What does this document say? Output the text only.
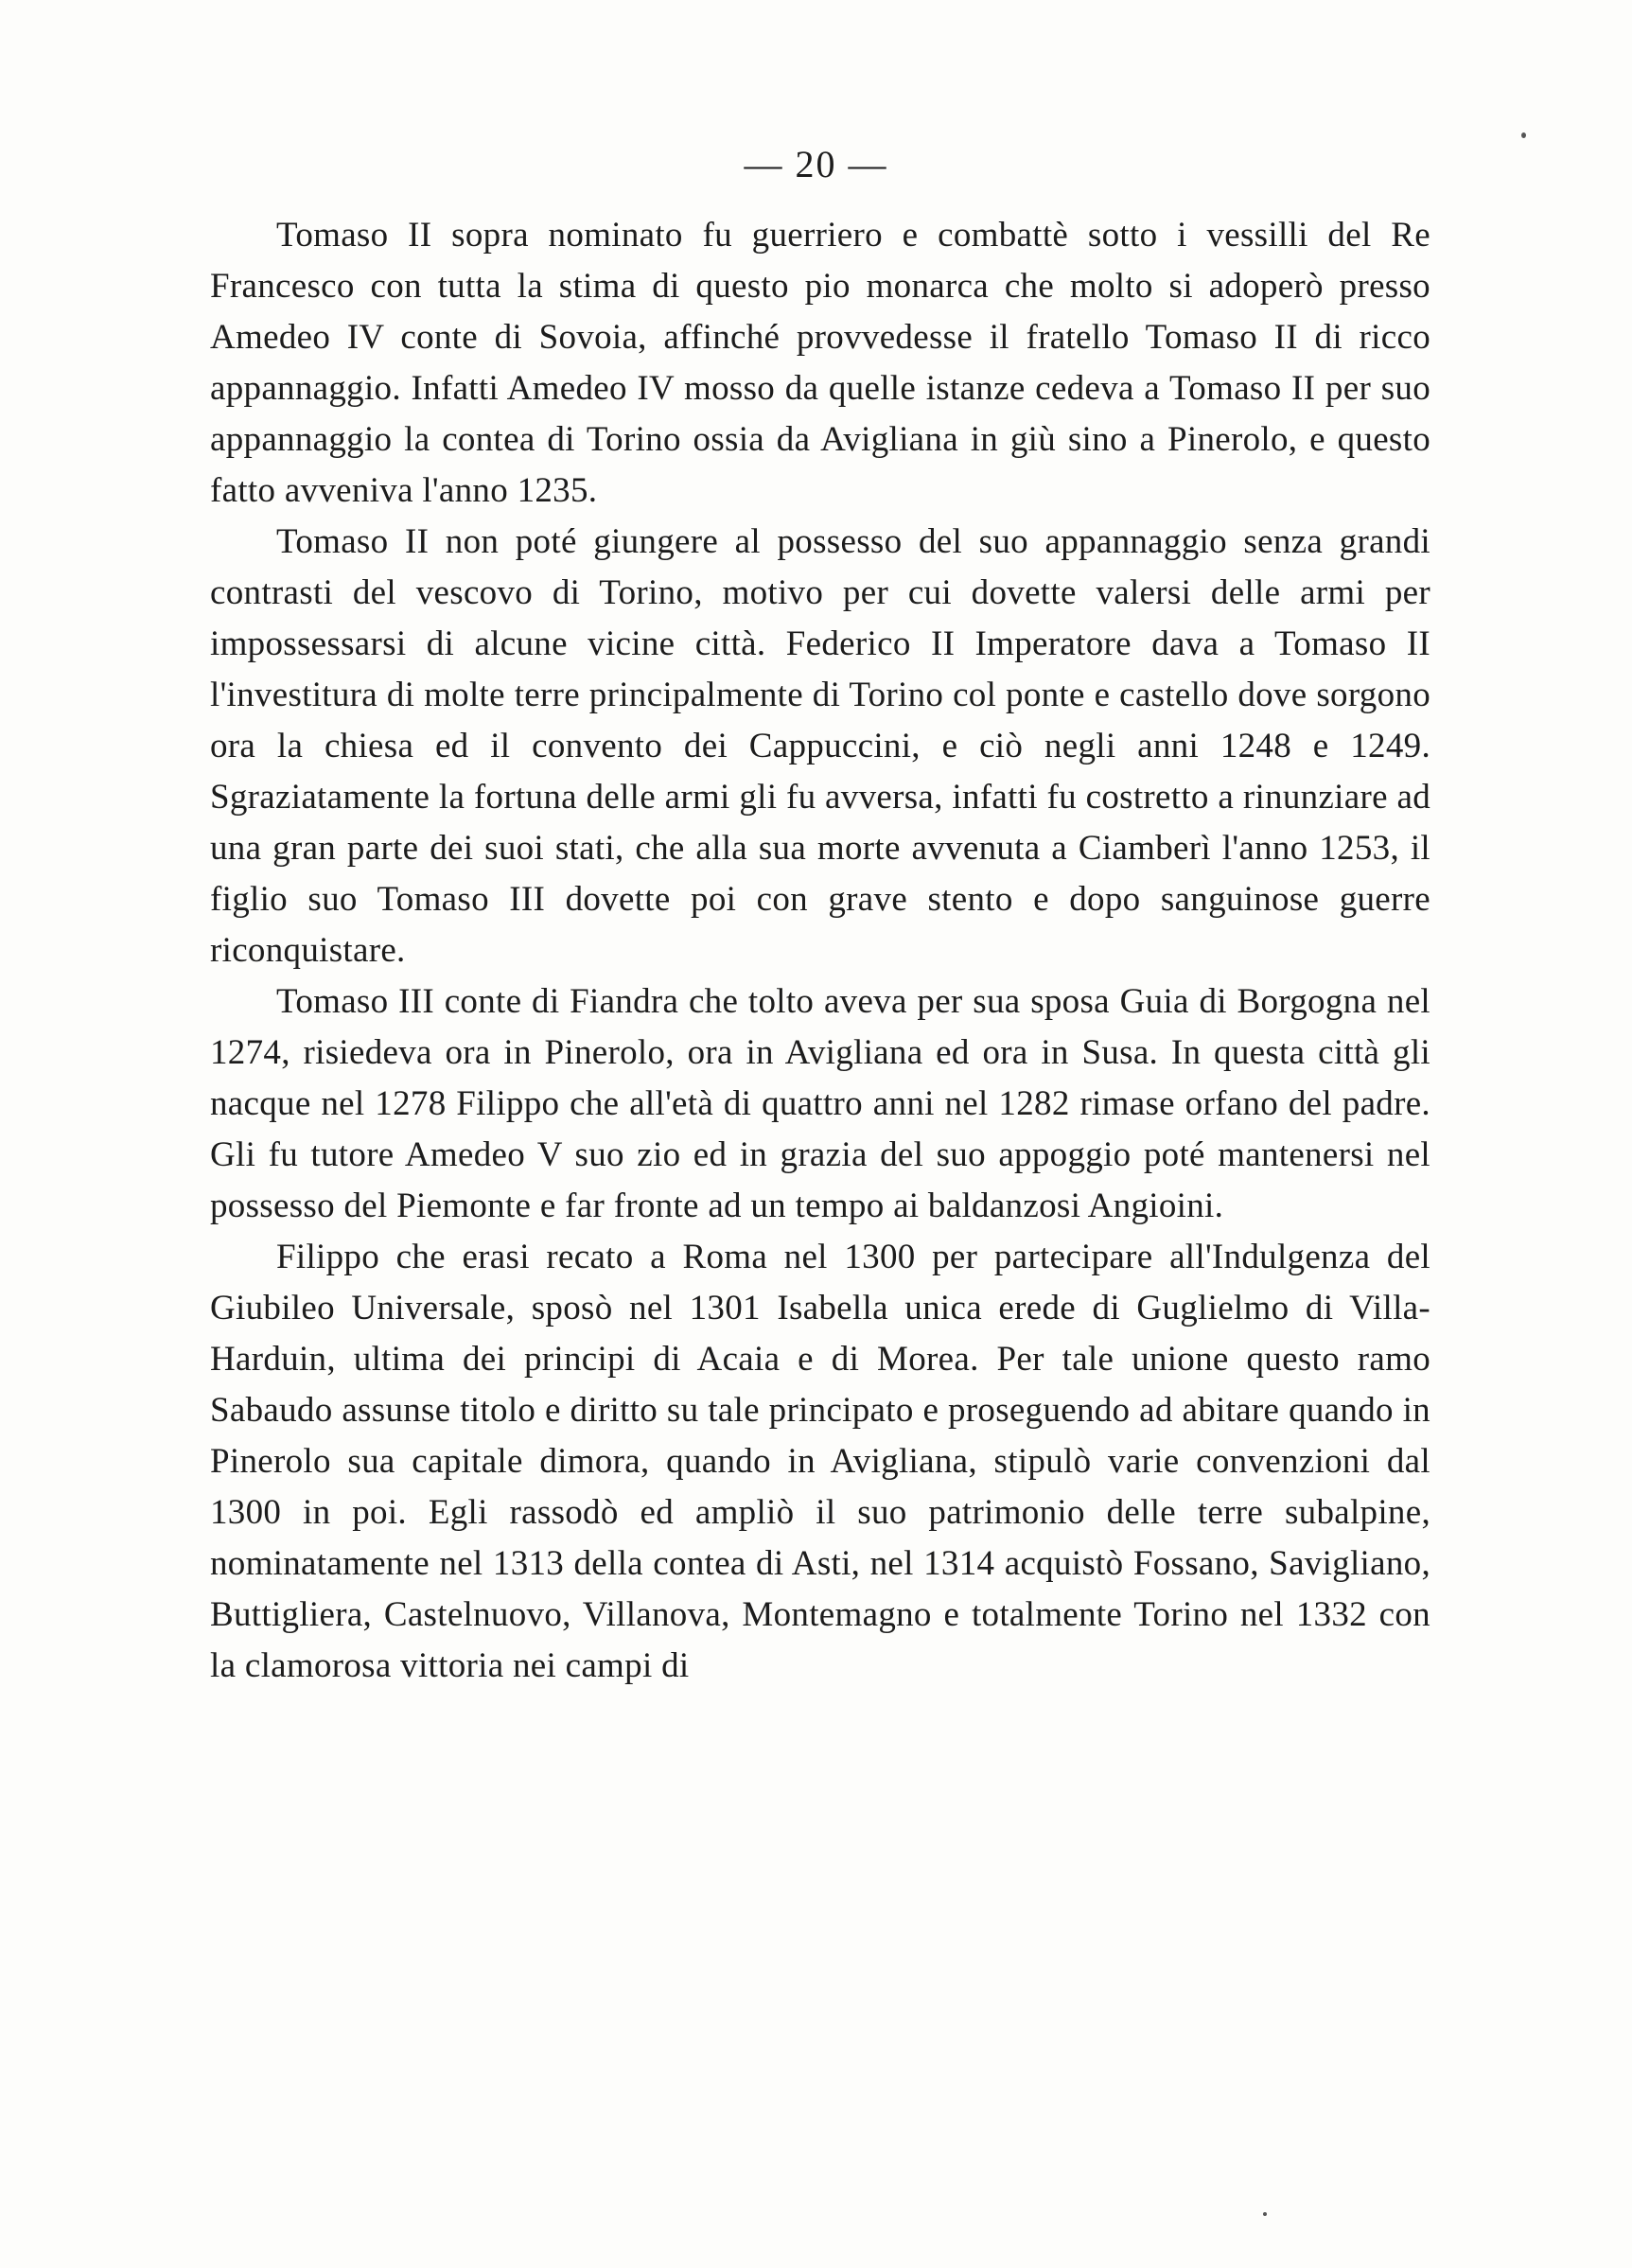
— 20 —

Tomaso II sopra nominato fu guerriero e combattè sotto i vessilli del Re Francesco con tutta la stima di questo pio monarca che molto si adoperò presso Amedeo IV conte di Sovoia, affinché provvedesse il fratello Tomaso II di ricco appannaggio. Infatti Amedeo IV mosso da quelle istanze cedeva a Tomaso II per suo appannaggio la contea di Torino ossia da Avigliana in giù sino a Pinerolo, e questo fatto avveniva l'anno 1235.

Tomaso II non poté giungere al possesso del suo appannaggio senza grandi contrasti del vescovo di Torino, motivo per cui dovette valersi delle armi per impossessarsi di alcune vicine città. Federico II Imperatore dava a Tomaso II l'investitura di molte terre principalmente di Torino col ponte e castello dove sorgono ora la chiesa ed il convento dei Cappuccini, e ciò negli anni 1248 e 1249. Sgraziatamente la fortuna delle armi gli fu avversa, infatti fu costretto a rinunziare ad una gran parte dei suoi stati, che alla sua morte avvenuta a Ciamberì l'anno 1253, il figlio suo Tomaso III dovette poi con grave stento e dopo sanguinose guerre riconquistare.

Tomaso III conte di Fiandra che tolto aveva per sua sposa Guia di Borgogna nel 1274, risiedeva ora in Pinerolo, ora in Avigliana ed ora in Susa. In questa città gli nacque nel 1278 Filippo che all'età di quattro anni nel 1282 rimase orfano del padre. Gli fu tutore Amedeo V suo zio ed in grazia del suo appoggio poté mantenersi nel possesso del Piemonte e far fronte ad un tempo ai baldanzosi Angioini.

Filippo che erasi recato a Roma nel 1300 per partecipare all'Indulgenza del Giubileo Universale, sposò nel 1301 Isabella unica erede di Guglielmo di Villa-Harduin, ultima dei principi di Acaia e di Morea. Per tale unione questo ramo Sabaudo assunse titolo e diritto su tale principato e proseguendo ad abitare quando in Pinerolo sua capitale dimora, quando in Avigliana, stipulò varie convenzioni dal 1300 in poi. Egli rassodò ed ampliò il suo patrimonio delle terre subalpine, nominatamente nel 1313 della contea di Asti, nel 1314 acquistò Fossano, Savigliano, Buttigliera, Castelnuovo, Villanova, Montemagno e totalmente Torino nel 1332 con la clamorosa vittoria nei campi di
